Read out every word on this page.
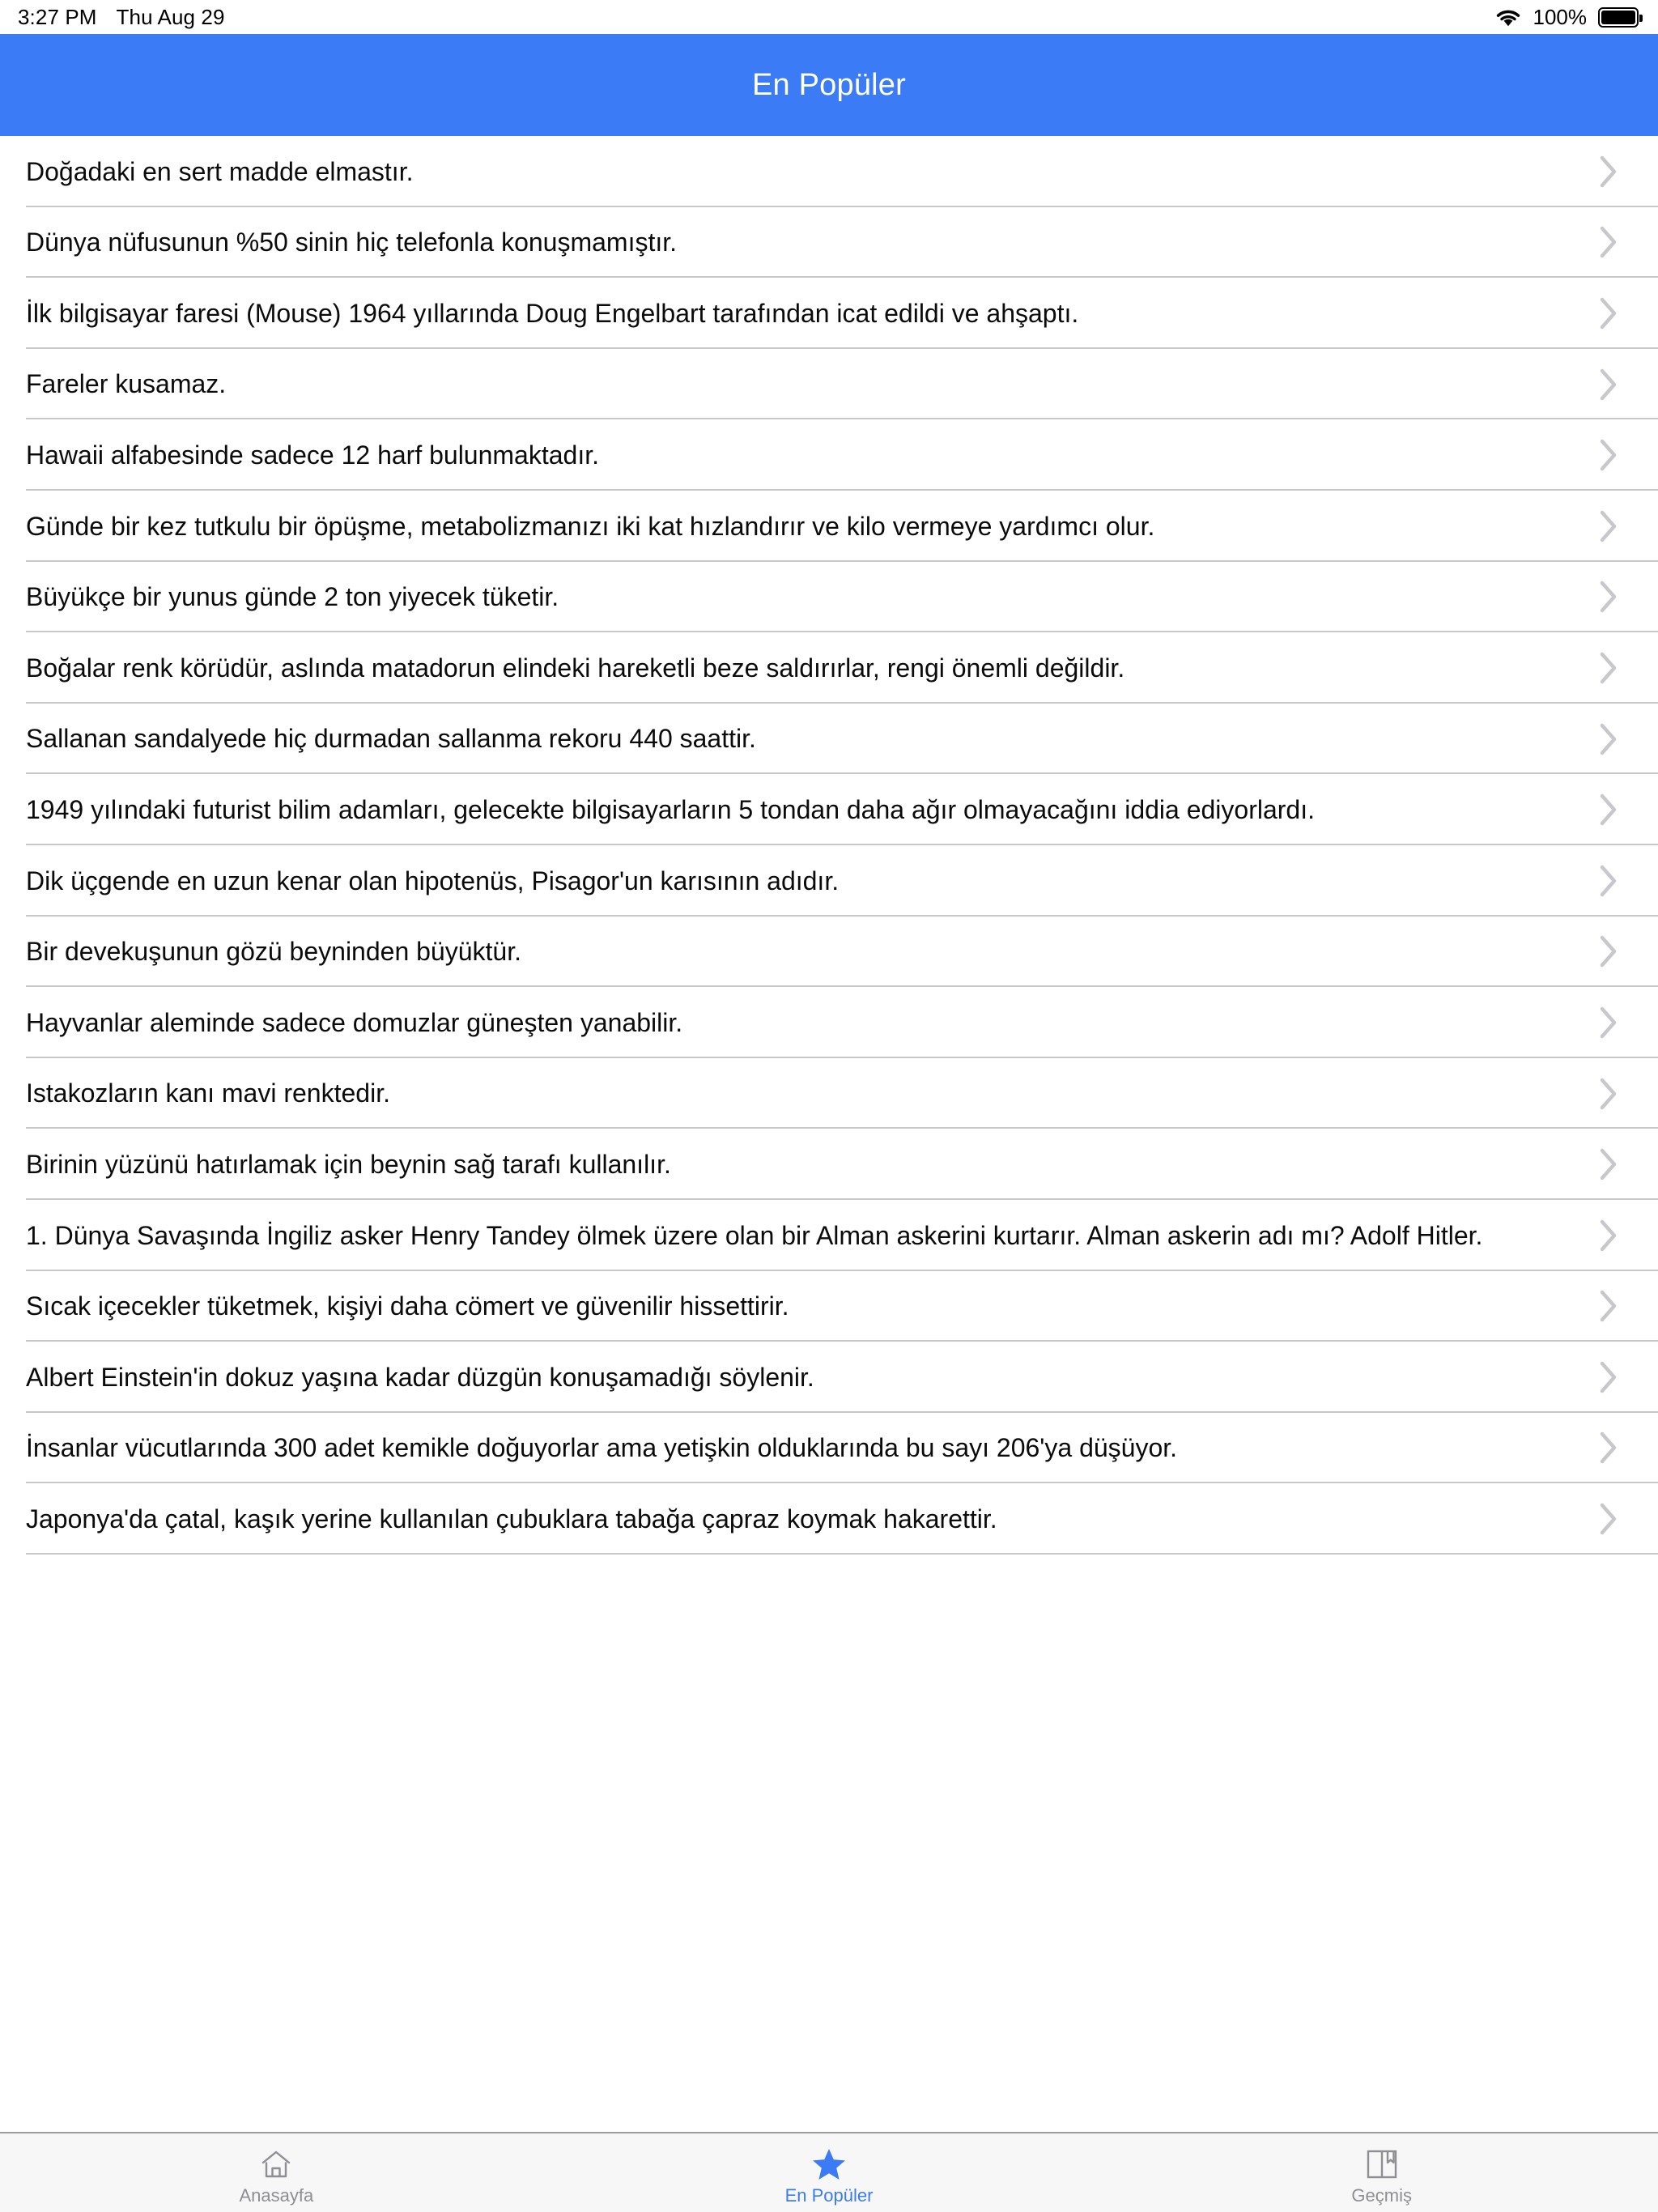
3:27 PM Thu Aug 29	100%
En Popüler
Doğadaki en sert madde elmastır.
Dünya nüfusunun %50 sinin hiç telefonla konuşmamıştır.
İlk bilgisayar faresi (Mouse) 1964 yıllarında Doug Engelbart tarafından icat edildi ve ahşaptı.
Fareler kusamaz.
Hawaii alfabesinde sadece 12 harf bulunmaktadır.
Günde bir kez tutkulu bir öpüşme, metabolizmanızı iki kat hızlandırır ve kilo vermeye yardımcı olur.
Büyükçe bir yunus günde 2 ton yiyecek tüketir.
Boğalar renk körüdür, aslında matadorun elindeki hareketli beze saldırırlar, rengi önemli değildir.
Sallanan sandalyede hiç durmadan sallanma rekoru 440 saattir.
1949 yılındaki futurist bilim adamları, gelecekte bilgisayarların 5 tondan daha ağır olmayacağını iddia ediyorlardı.
Dik üçgende en uzun kenar olan hipotenüs, Pisagor'un karısının adıdır.
Bir devekuşunun gözü beyninden büyüktür.
Hayvanlar aleminde sadece domuzlar güneşten yanabilir.
Istakozların kanı mavi renktedir.
Birinin yüzünü hatırlamak için beynin sağ tarafı kullanılır.
1. Dünya Savaşında İngiliz asker Henry Tandey ölmek üzere olan bir Alman askerini kurtarır. Alman askerin adı mı? Adolf Hitler.
Sıcak içecekler tüketmek, kişiyi daha cömert ve güvenilir hissettirir.
Albert Einstein'in dokuz yaşına kadar düzgün konuşamadığı söylenir.
İnsanlar vücutlarında 300 adet kemikle doğuyorlar ama yetişkin olduklarında bu sayı 206'ya düşüyor.
Japonya'da çatal, kaşık yerine kullanılan çubuklara tabağa çapraz koymak hakarettir.
Anasayfa	En Popüler	Geçmiş
